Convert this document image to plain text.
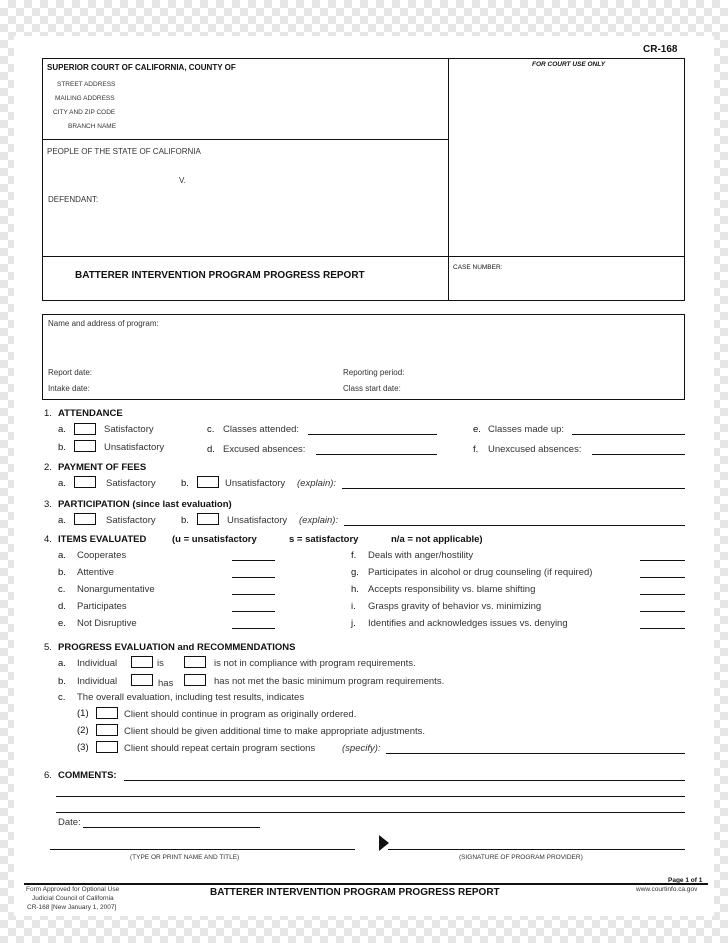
CR-168
SUPERIOR COURT OF CALIFORNIA, COUNTY OF
STREET ADDRESS
MAILING ADDRESS
CITY AND ZIP CODE
BRANCH NAME
FOR COURT USE ONLY
PEOPLE OF THE STATE OF CALIFORNIA
V.
DEFENDANT:
BATTERER INTERVENTION PROGRAM PROGRESS REPORT
CASE NUMBER:
Name and address of program:
Report date:	Reporting period:
Intake date:	Class start date:
1. ATTENDANCE
a.	Satisfactory
b.	Unsatisfactory
c. Classes attended:
d. Excused absences:
e. Classes made up:
f. Unexcused absences:
2. PAYMENT OF FEES
a.	Satisfactory	b.	Unsatisfactory (explain):
3. PARTICIPATION (since last evaluation)
a.	Satisfactory	b.	Unsatisfactory (explain):
4. ITEMS EVALUATED	(u = unsatisfactory	s = satisfactory	n/a = not applicable)
a. Cooperates
b. Attentive
c. Nonargumentative
d. Participates
e. Not Disruptive
f. Deals with anger/hostility
g. Participates in alcohol or drug counseling (if required)
h. Accepts responsibility vs. blame shifting
i. Grasps gravity of behavior vs. minimizing
j. Identifies and acknowledges issues vs. denying
5. PROGRESS EVALUATION and RECOMMENDATIONS
a. Individual	is	is not in compliance with program requirements.
b. Individual	has	has not met the basic minimum program requirements.
c. The overall evaluation, including test results, indicates
(1)	Client should continue in program as originally ordered.
(2)	Client should be given additional time to make appropriate adjustments.
(3)	Client should repeat certain program sections	(specify):
6. COMMENTS:
Date:
(TYPE OR PRINT NAME AND TITLE)	(SIGNATURE OF PROGRAM PROVIDER)
Form Approved for Optional Use
Judicial Council of California
CR-168 [New January 1, 2007]
BATTERER INTERVENTION PROGRAM PROGRESS REPORT
Page 1 of 1
www.courtinfo.ca.gov
